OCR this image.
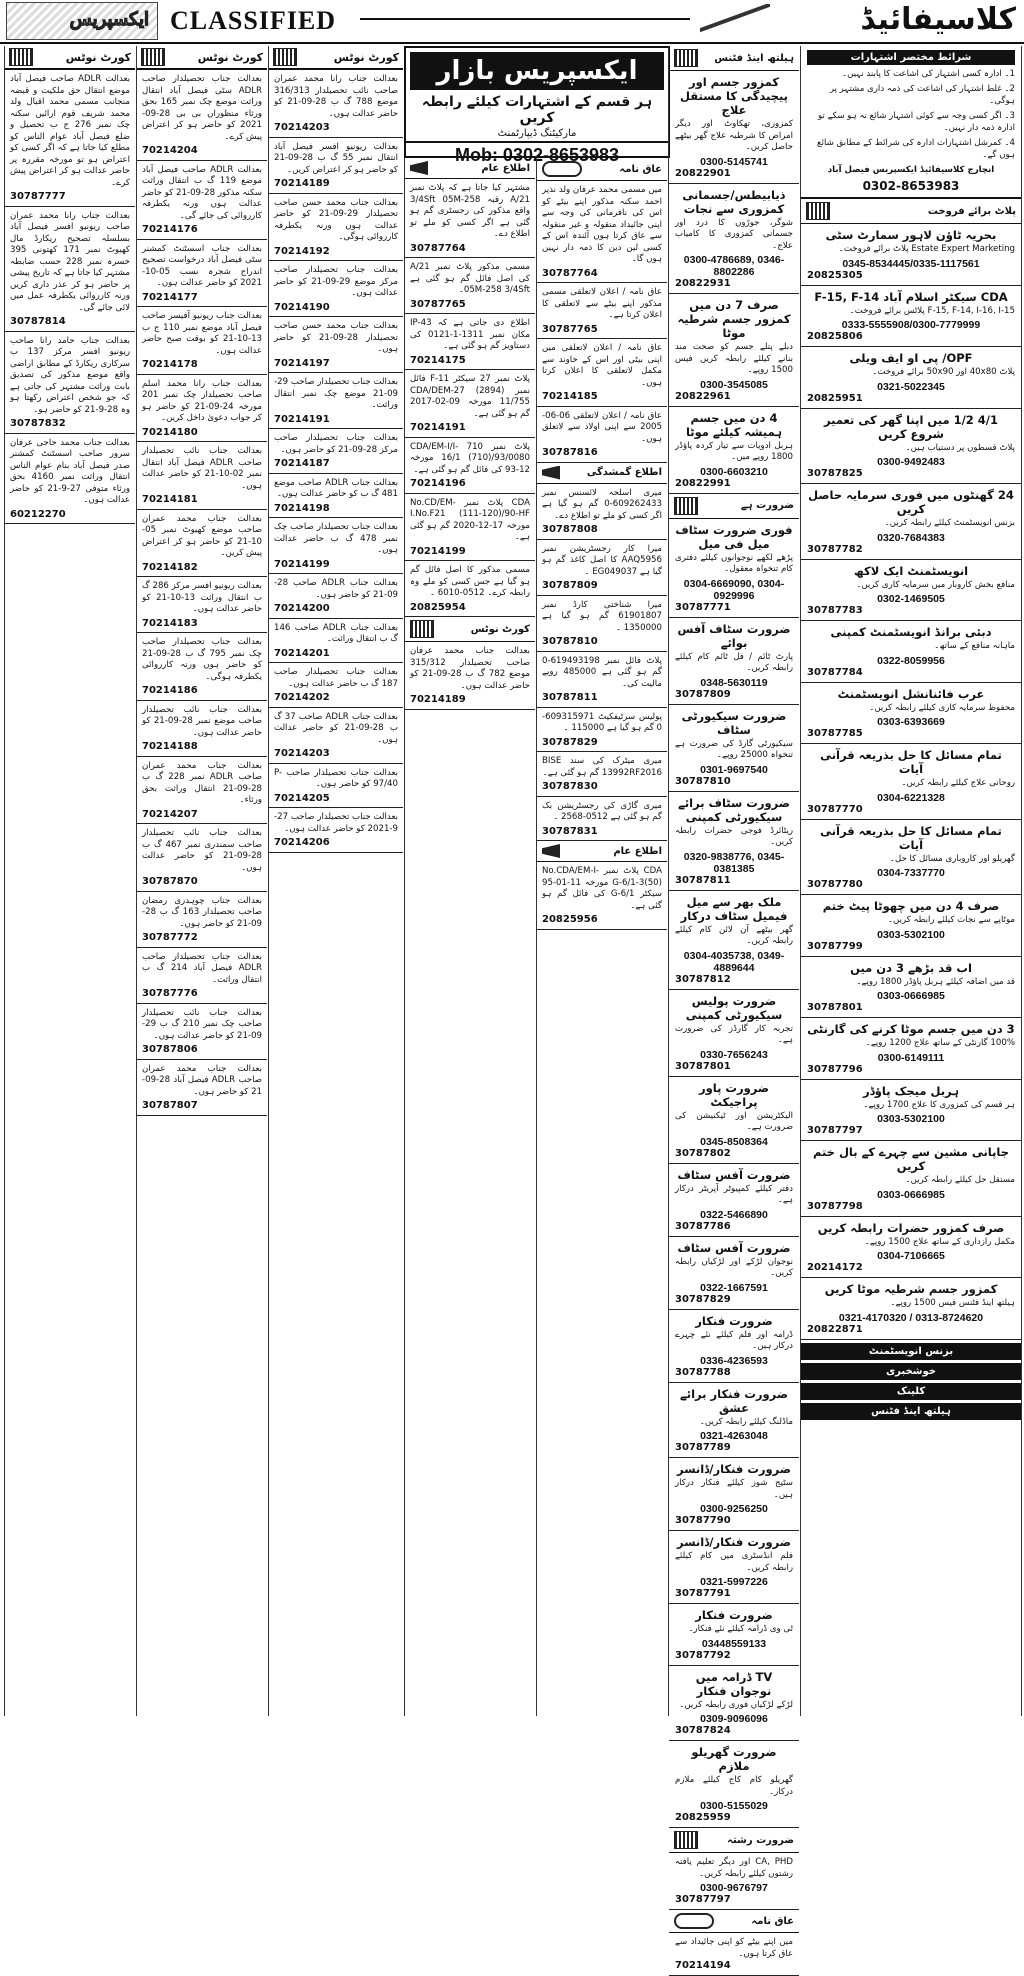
ایکسپریس CLASSIFIED	کلاسیفائیڈ
کورٹ نوٹس
بعدالت ADLR صاحب فیصل آباد موضع انتقال حق ملکیت و قبضہ منجانب مسمی محمد اقبال ولد محمد شریف قوم ارائیں سکنہ چک نمبر 276 ج ب تحصیل و ضلع فیصل آباد عوام الناس کو مطلع کیا جاتا ہے کہ اگر کسی کو اعتراض ہو تو مورخہ مقررہ پر حاضر عدالت ہو کر اعتراض پیش کرے۔
30787777
بعدالت جناب رانا محمد عمران صاحب ریونیو افسر فیصل آباد بسلسلہ تصحیح ریکارڈ مال کھیوٹ نمبر 171 کھتونی 395 خسرہ نمبر 228 حسب ضابطہ مشتہر کیا جاتا ہے کہ تاریخ پیشی پر حاضر ہو کر عذر داری کریں ورنہ کارروائی یکطرفہ عمل میں لائی جائے گی۔
30787814
بعدالت جناب حامد رانا صاحب ریونیو افسر مرکز 137 ب سرکاری ریکارڈ کے مطابق اراضی واقع موضع مذکور کی تصدیق بابت وراثت مشتہر کی جاتی ہے کہ جو شخص اعتراض رکھتا ہو وہ 28-9-21 کو حاضر ہو۔
30787832
بعدالت جناب محمد حاجی عرفان سرور صاحب اسسٹنٹ کمشنر صدر فیصل آباد بنام عوام الناس انتقال وراثت نمبر 4160 بحق ورثاء متوفی 27-9-21 کو حاضر عدالت ہوں۔
60212270
کورٹ نوٹس
بعدالت جناب تحصیلدار صاحب ADLR سٹی فیصل آباد انتقال وراثت موضع چک نمبر 165 بحق ورثاء منظوراں بی بی 28-09-2021 کو حاضر ہو کر اعتراض پیش کرے۔
70214204
بعدالت ADLR صاحب فیصل آباد موضع 119 گ ب انتقال وراثت سکنہ مذکور 28-09-21 کو حاضر عدالت ہوں ورنہ یکطرفہ کارروائی کی جائے گی۔
70214176
بعدالت جناب اسسٹنٹ کمشنر سٹی فیصل آباد درخواست تصحیح اندراج شجرہ نسب 05-10-2021 کو حاضر عدالت ہوں۔
70214177
بعدالت جناب ریونیو آفیسر صاحب فیصل آباد موضع نمبر 110 ج ب 13-10-21 کو بوقت صبح حاضر عدالت ہوں۔
70214178
بعدالت جناب رانا محمد اسلم صاحب تحصیلدار چک نمبر 201 مورخہ 24-09-21 کو حاضر ہو کر جواب دعویٰ داخل کریں۔
70214180
بعدالت جناب نائب تحصیلدار صاحب ADLR فیصل آباد انتقال نمبر 02-10-21 کو حاضر عدالت ہوں۔
70214181
بعدالت جناب محمد عمران صاحب موضع کھیوٹ نمبر 05-10-21 کو حاضر ہو کر اعتراض پیش کریں۔
70214182
بعدالت ریونیو افسر مرکز 286 گ ب انتقال وراثت 13-10-21 کو حاضر عدالت ہوں۔
70214183
بعدالت جناب تحصیلدار صاحب چک نمبر 795 گ ب 28-09-21 کو حاضر ہوں ورنہ کارروائی یکطرفہ ہوگی۔
70214186
بعدالت جناب نائب تحصیلدار صاحب موضع نمبر 28-09-21 کو حاضر عدالت ہوں۔
70214188
بعدالت جناب محمد عمران صاحب ADLR نمبر 228 گ ب 28-09-21 انتقال وراثت بحق ورثاء۔
70214207
بعدالت جناب نائب تحصیلدار صاحب سمندری نمبر 467 گ ب 28-09-21 کو حاضر عدالت ہوں۔
30787870
بعدالت جناب چوہدری رمضان صاحب تحصیلدار 163 گ ب 28-09-21 کو حاضر ہوں۔
30787772
بعدالت جناب تحصیلدار صاحب ADLR فیصل آباد 214 گ ب انتقال وراثت۔
30787776
بعدالت جناب نائب تحصیلدار صاحب چک نمبر 210 گ ب 29-09-21 کو حاضر عدالت ہوں۔
30787806
بعدالت جناب محمد عمران صاحب ADLR فیصل آباد 28-09-21 کو حاضر ہوں۔
30787807
کورٹ نوٹس
بعدالت جناب رانا محمد عمران صاحب نائب تحصیلدار 316/313 موضع 788 گ ب 28-09-21 کو حاضر عدالت ہوں۔
70214203
بعدالت ریونیو افسر فیصل آباد انتقال نمبر 55 گ ب 28-09-21 کو حاضر ہو کر اعتراض کریں۔
70214189
بعدالت جناب محمد حسن صاحب تحصیلدار 29-09-21 کو حاضر عدالت ہوں ورنہ یکطرفہ کارروائی ہوگی۔
70214192
بعدالت جناب تحصیلدار صاحب مرکز موضع 29-09-21 کو حاضر عدالت ہوں۔
70214190
بعدالت جناب محمد حسن صاحب تحصیلدار 28-09-21 کو حاضر ہوں۔
70214197
بعدالت جناب تحصیلدار صاحب 29-09-21 موضع چک نمبر انتقال وراثت۔
70214191
بعدالت جناب تحصیلدار صاحب مرکز 28-09-21 کو حاضر ہوں۔
70214187
بعدالت جناب ADLR صاحب موضع 481 گ ب کو حاضر عدالت ہوں۔
70214198
بعدالت جناب تحصیلدار صاحب چک نمبر 478 گ ب حاضر عدالت ہوں۔
70214199
بعدالت جناب ADLR صاحب 28-09-21 کو حاضر ہوں۔
70214200
بعدالت جناب ADLR صاحب 146 گ ب انتقال وراثت۔
70214201
بعدالت جناب تحصیلدار صاحب 187 گ ب حاضر عدالت ہوں۔
70214202
بعدالت جناب ADLR صاحب 37 گ ب 28-09-21 کو حاضر عدالت ہوں۔
70214203
بعدالت جناب تحصیلدار صاحب P-97/40 کو حاضر ہوں۔
70214205
بعدالت جناب تحصیلدار صاحب 27-9-2021 کو حاضر عدالت ہوں۔
70214206
ایکسپریس بازار
ہر قسم کے اشتہارات کیلئے رابطہ کریں
مارکیٹنگ ڈیپارٹمنٹ
Mob: 0302-8653983
اطلاع عام
مشتہر کیا جاتا ہے کہ پلاٹ نمبر 21/A رقبہ 3/4Sft 05M-258 واقع مذکور کی رجسٹری گم ہو گئی ہے اگر کسی کو ملے تو اطلاع دے۔
30787764
مسمی مذکور پلاٹ نمبر 21/A کی اصل فائل گم ہو گئی ہے 05M-258 3/4Sft۔
30787765
اطلاع دی جاتی ہے کہ IP-43 مکان نمبر 1311-1-0121 کی دستاویز گم ہو گئی ہے۔
70214175
پلاٹ نمبر 27 سیکٹر F-11 فائل نمبر CDA/DEM-27 (2894) 11/755 مورخہ 09-02-2017 گم ہو گئی ہے۔
70214191
پلاٹ نمبر 710 CDA/EM-I/I-16/1 (710)/93/0080 مورخہ 12-93 کی فائل گم ہو گئی ہے۔
70214196
CDA پلاٹ نمبر No.CD/EM-I.No.F21 (111-120)/90-HF مورخہ 17-12-2020 گم ہو گئی ہے۔
70214199
مسمی مذکور کا اصل فائل گم ہو گیا ہے جس کسی کو ملے وہ رابطہ کرے۔ 0512-6010 ۔
20825954
کورٹ نوٹس
بعدالت جناب محمد عرفان صاحب تحصیلدار 315/312 موضع 782 گ ب 28-09-21 کو حاضر عدالت ہوں۔
70214189
عاق نامہ
میں مسمی محمد عرفان ولد نذیر احمد سکنہ مذکور اپنے بیٹے کو اس کی نافرمانی کی وجہ سے اپنی جائیداد منقولہ و غیر منقولہ سے عاق کرتا ہوں آئندہ اس کے کسی لین دین کا ذمہ دار نہیں ہوں گا۔
30787764
عاق نامہ / اعلان لاتعلقی مسمی مذکور اپنے بیٹے سے لاتعلقی کا اعلان کرتا ہے۔
30787765
عاق نامہ / اعلان لاتعلقی میں اپنی بیٹی اور اس کے خاوند سے مکمل لاتعلقی کا اعلان کرتا ہوں۔
70214185
عاق نامہ / اعلان لاتعلقی 06-06-2005 سے اپنی اولاد سے لاتعلق ہوں۔
30787816
اطلاع گمشدگی
میری اسلحہ لائسنس نمبر 609262433-0 گم ہو گیا ہے اگر کسی کو ملے تو اطلاع دے۔
30787808
میرا کار رجسٹریشن نمبر AAQ5956 کا اصل کاغذ گم ہو گیا ہے EG049037 ۔
30787809
میرا شناختی کارڈ نمبر 61901807 گم ہو گیا ہے 1350000 ۔
30787810
پلاٹ فائل نمبر 619493198-0 گم ہو گئی ہے 485000 روپے مالیت کی۔
30787811
پولیس سرٹیفکیٹ 609315971-0 گم ہو گیا ہے 115000 ۔
30787829
میری میٹرک کی سند BISE 13992RF2016 گم ہو گئی ہے۔
30787830
میری گاڑی کی رجسٹریشن بک گم ہو گئی ہے 0512-2568 ۔
30787831
اطلاع عام
CDA پلاٹ نمبر No.CDA/EM-I-G-6/1-3(50) مورخہ 11-01-95 سیکٹر G-6/1 کی فائل گم ہو گئی ہے۔
20825956
ہیلتھ اینڈ فٹنس
کمزور جسم اور پیچیدگی کا مستقل علاج
کمزوری، تھکاوٹ اور دیگر امراض کا شرطیہ علاج گھر بیٹھے حاصل کریں۔
0300-5145741
20822901
ذیابیطس/جسمانی کمزوری سے نجات
شوگر، جوڑوں کا درد اور جسمانی کمزوری کا کامیاب علاج۔
0300-4786689, 0346-8802286
20822931
صرف 7 دن میں کمزور جسم شرطیہ موٹا
دبلے پتلے جسم کو صحت مند بنانے کیلئے رابطہ کریں فیس 1500 روپے۔
0300-3545085
20822961
4 دن میں جسم ہمیشہ کیلئے موٹا
ہربل ادویات سے تیار کردہ پاؤڈر 1800 روپے میں۔
0300-6603210
20822991
ضرورت ہے
فوری ضرورت سٹاف میل فی میل
پڑھے لکھے نوجوانوں کیلئے دفتری کام تنخواہ معقول۔
0304-6669090, 0304-0929996
30787771
ضرورت سٹاف آفس بوائے
پارٹ ٹائم / فل ٹائم کام کیلئے رابطہ کریں۔
0348-5630119
30787809
ضرورت سیکیورٹی سٹاف
سیکیورٹی گارڈ کی ضرورت ہے تنخواہ 25000 روپے۔
0301-9697540
30787810
ضرورت سٹاف برائے سیکیورٹی کمپنی
ریٹائرڈ فوجی حضرات رابطہ کریں۔
0320-9838776, 0345-0381385
30787811
ملک بھر سے میل فیمیل سٹاف درکار
گھر بیٹھے آن لائن کام کیلئے رابطہ کریں۔
0304-4035738, 0349-4889644
30787812
ضرورت پولیس سیکیورٹی کمپنی
تجربہ کار گارڈز کی ضرورت ہے۔
0330-7656243
30787801
ضرورت پاور پراجیکٹ
الیکٹریشن اور ٹیکنیشن کی ضرورت ہے۔
0345-8508364
30787802
ضرورت آفس سٹاف
دفتر کیلئے کمپیوٹر آپریٹر درکار ہے۔
0322-5466890
30787786
ضرورت آفس سٹاف
نوجوان لڑکے اور لڑکیاں رابطہ کریں۔
0322-1667591
30787829
ضرورت فنکار
ڈرامہ اور فلم کیلئے نئے چہرے درکار ہیں۔
0336-4236593
30787788
ضرورت فنکار برائے عشق
ماڈلنگ کیلئے رابطہ کریں۔
0321-4263048
30787789
ضرورت فنکار/ڈانسر
سٹیج شوز کیلئے فنکار درکار ہیں۔
0300-9256250
30787790
ضرورت فنکار/ڈانسر
فلم انڈسٹری میں کام کیلئے رابطہ کریں۔
0321-5997226
30787791
ضرورت فنکار
ٹی وی ڈرامہ کیلئے نئے فنکار۔
03448559133
30787792
TV ڈرامہ میں نوجوان فنکار
لڑکے لڑکیاں فوری رابطہ کریں۔
0309-9096096
30787824
ضرورت گھریلو ملازم
گھریلو کام کاج کیلئے ملازم درکار۔
0300-5155029
20825959
ضرورت رشتہ
CA, PHD اور دیگر تعلیم یافتہ رشتوں کیلئے رابطہ کریں۔
0300-9676797
30787797
عاق نامہ
میں اپنے بیٹے کو اپنی جائیداد سے عاق کرتا ہوں۔
70214194
شرائط مختصر اشتہارات
1۔ ادارہ کسی اشتہار کی اشاعت کا پابند نہیں۔
2۔ غلط اشتہار کی اشاعت کی ذمہ داری مشتہر پر ہوگی۔
3۔ اگر کسی وجہ سے کوئی اشتہار شائع نہ ہو سکے تو ادارہ ذمہ دار نہیں۔
4۔ کمرشل اشتہارات ادارہ کی شرائط کے مطابق شائع ہوں گے۔
انچارج کلاسیفائیڈ ایکسپریس فیصل آباد
0302-8653983
پلاٹ برائے فروخت
بحریہ ٹاؤن لاہور سمارٹ سٹی
Estate Expert Marketing پلاٹ برائے فروخت۔
0345-8534445/0335-1117561
20825305
CDA سیکٹر اسلام آباد F-15, F-14
F-15, F-14, I-16, I-15 پلاٹس برائے فروخت۔
0333-5555908/0300-7779999
20825806
OPF/ پی او ایف ویلی
پلاٹ 40x80 اور 50x90 برائے فروخت۔
0321-5022345
20825951
4/1 1/2 میں اپنا گھر کی تعمیر شروع کریں
پلاٹ قسطوں پر دستیاب ہیں۔
0300-9492483
30787825
24 گھنٹوں میں فوری سرمایہ حاصل کریں
بزنس انویسٹمنٹ کیلئے رابطہ کریں۔
0320-7684383
30787782
انویسٹمنٹ ایک لاکھ
منافع بخش کاروبار میں سرمایہ کاری کریں۔
0302-1469505
30787783
دبئی برانڈ انویسٹمنٹ کمپنی
ماہانہ منافع کے ساتھ۔
0322-8059956
30787784
عرب فائنانشل انویسٹمنٹ
محفوظ سرمایہ کاری کیلئے رابطہ کریں۔
0303-6393669
30787785
تمام مسائل کا حل بذریعہ قرآنی آیات
روحانی علاج کیلئے رابطہ کریں۔
0304-6221328
30787770
تمام مسائل کا حل بذریعہ قرآنی آیات
گھریلو اور کاروباری مسائل کا حل۔
0304-7337770
30787780
صرف 4 دن میں چھوٹا پیٹ ختم
موٹاپے سے نجات کیلئے رابطہ کریں۔
0303-5302100
30787799
اب قد بڑھے 3 دن میں
قد میں اضافہ کیلئے ہربل پاؤڈر 1800 روپے۔
0303-0666985
30787801
3 دن میں جسم موٹا کرنے کی گارنٹی
100% گارنٹی کے ساتھ علاج 1200 روپے۔
0300-6149111
30787796
ہربل میجک پاؤڈر
ہر قسم کی کمزوری کا علاج 1700 روپے۔
0303-5302100
30787797
جاپانی مشین سے چہرے کے بال ختم کریں
مستقل حل کیلئے رابطہ کریں۔
0303-0666985
30787798
صرف کمزور حضرات رابطہ کریں
مکمل رازداری کے ساتھ علاج 1500 روپے۔
0304-7106665
20214172
کمزور جسم شرطیہ موٹا کریں
ہیلتھ اینڈ فٹنس فیس 1500 روپے۔
0321-4170320 / 0313-8724620
20822871
بزنس انویسٹمنٹ
خوشخبری
کلینک
ہیلتھ اینڈ فٹنس
